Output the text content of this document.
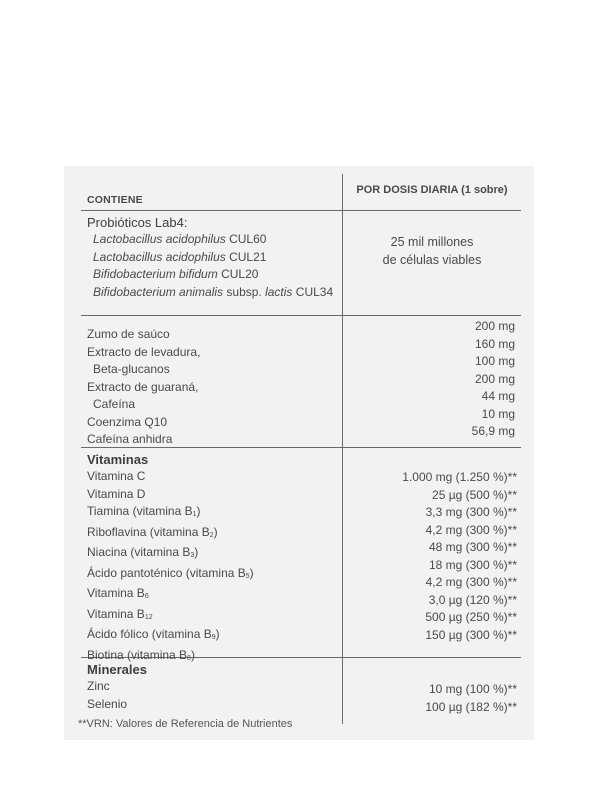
CONTIENE
POR DOSIS DIARIA (1 sobre)
Probióticos Lab4:
Lactobacillus acidophilus CUL60
Lactobacillus acidophilus CUL21
Bifidobacterium bifidum CUL20
Bifidobacterium animalis subsp. lactis CUL34
25 mil millones
de células viables
Zumo de saúco
Extracto de levadura,
Beta-glucanos
Extracto de guaraná,
Cafeína
Coenzima Q10
Cafeína anhidra
200 mg
160 mg
100 mg
200 mg
44 mg
10 mg
56,9 mg
Vitaminas
Vitamina C
Vitamina D
Tiamina (vitamina $B_1$)
Riboflavina (vitamina $B_2$)
Niacina (vitamina $B_3$)
Ácido pantoténico (vitamina $B_5$)
Vitamina $B_6$
Vitamina $B_{12}$
Ácido fólico (vitamina $B_9$)
Biotina (vitamina $B_8$)
1.000 mg (1.250 %)**
25 µg (500 %)**
3,3 mg (300 %)**
4,2 mg (300 %)**
48 mg (300 %)**
18 mg (300 %)**
4,2 mg (300 %)**
3,0 µg (120 %)**
500 µg (250 %)**
150 µg (300 %)**
Minerales
Zinc
Selenio
10 mg (100 %)**
100 µg (182 %)**
**VRN: Valores de Referencia de Nutrientes
